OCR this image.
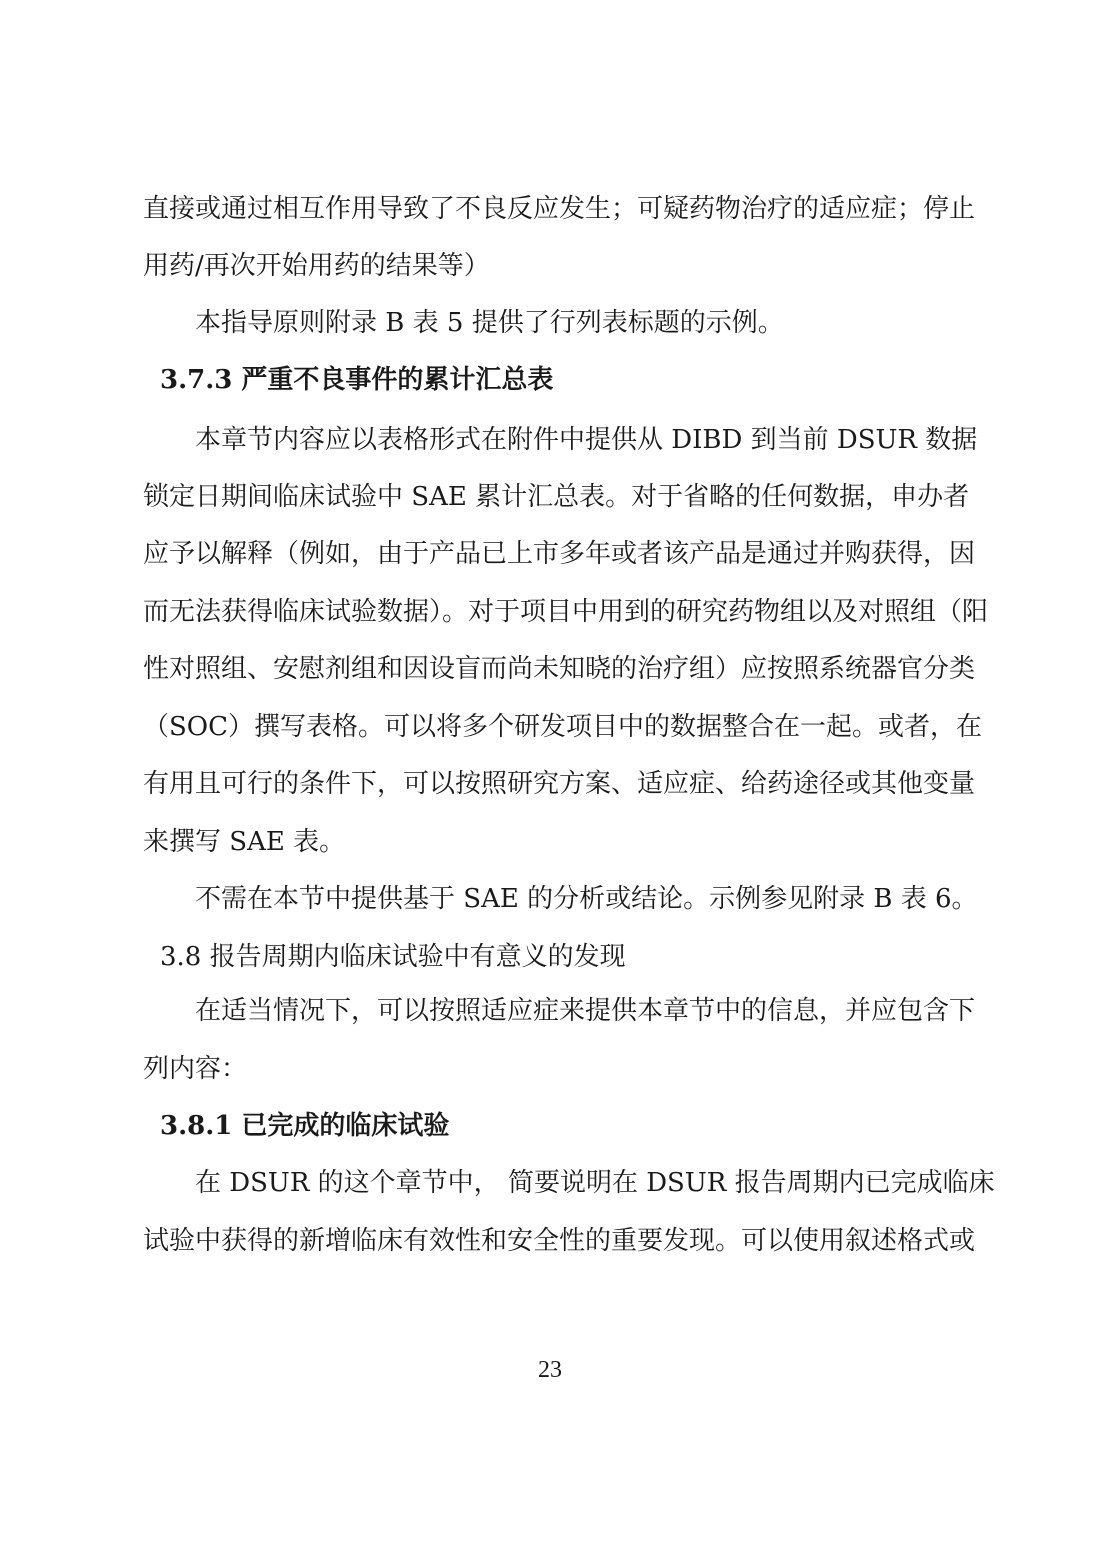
直接或通过相互作用导致了不良反应发生；可疑药物治疗的适应症；停止
用药/再次开始用药的结果等）
本指导原则附录 B 表 5 提供了行列表标题的示例。
3.7.3 严重不良事件的累计汇总表
本章节内容应以表格形式在附件中提供从 DIBD 到当前 DSUR 数据
锁定日期间临床试验中 SAE 累计汇总表。对于省略的任何数据，申办者
应予以解释（例如，由于产品已上市多年或者该产品是通过并购获得，因
而无法获得临床试验数据）。对于项目中用到的研究药物组以及对照组（阳
性对照组、安慰剂组和因设盲而尚未知晓的治疗组）应按照系统器官分类
（SOC）撰写表格。可以将多个研发项目中的数据整合在一起。或者，在
有用且可行的条件下，可以按照研究方案、适应症、给药途径或其他变量
来撰写 SAE 表。
不需在本节中提供基于 SAE 的分析或结论。示例参见附录 B 表 6。
3.8 报告周期内临床试验中有意义的发现
在适当情况下，可以按照适应症来提供本章节中的信息，并应包含下
列内容：
3.8.1 已完成的临床试验
在 DSUR 的这个章节中， 简要说明在 DSUR 报告周期内已完成临床
试验中获得的新增临床有效性和安全性的重要发现。可以使用叙述格式或
23
